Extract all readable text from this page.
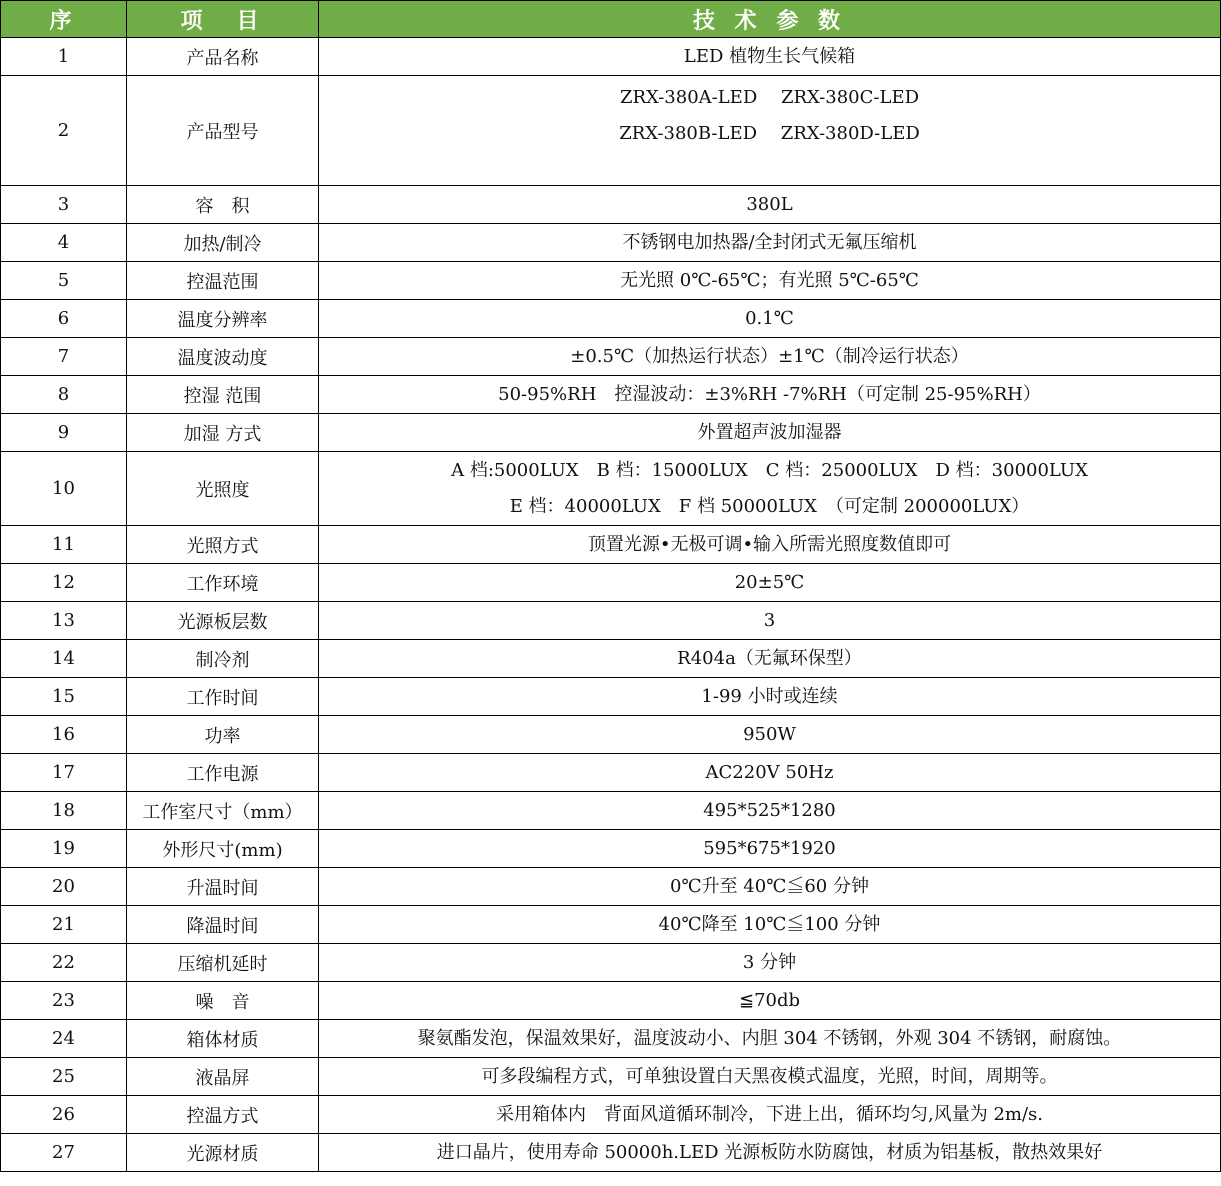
序	项　目	技 术 参 数
1	产品名称	LED 植物生长气候箱

2	产品型号	ZRX-380A-LED　 ZRX-380C-LED
ZRX-380B-LED　 ZRX-380D-LED

3	容　积	380L

4	加热/制冷	不锈钢电加热器/全封闭式无氟压缩机

5	控温范围	无光照 0℃-65℃；有光照 5℃-65℃

6	温度分辨率	0.1℃

7	温度波动度	±0.5℃（加热运行状态）±1℃（制冷运行状态）

8	控湿 范围	50-95%RH　控湿波动：±3%RH -7%RH（可定制 25-95%RH）

9	加湿 方式	外置超声波加湿器

10	光照度	A 档:5000LUX　B 档：15000LUX　C 档：25000LUX　D 档：30000LUX
E 档：40000LUX　F 档 50000LUX　（可定制 200000LUX）

11	光照方式	顶置光源•无极可调•输入所需光照度数值即可

12	工作环境	20±5℃

13	光源板层数	3

14	制冷剂	R404a（无氟环保型）

15	工作时间	1-99 小时或连续

16	功率	950W

17	工作电源	AC220V 50Hz

18	工作室尺寸（mm）	495*525*1280

19	外形尺寸(mm)	595*675*1920

20	升温时间	0℃升至 40℃≦60 分钟

21	降温时间	40℃降至 10℃≦100 分钟

22	压缩机延时	3 分钟

23	噪　音	≦70db

24	箱体材质	聚氨酯发泡，保温效果好，温度波动小、内胆 304 不锈钢，外观 304 不锈钢，耐腐蚀。

25	液晶屏	可多段编程方式，可单独设置白天黑夜模式温度，光照，时间，周期等。

26	控温方式	采用箱体内　背面风道循环制冷，下进上出，循环均匀,风量为 2m/s.

27	光源材质	进口晶片，使用寿命 50000h.LED 光源板防水防腐蚀，材质为铝基板，散热效果好
